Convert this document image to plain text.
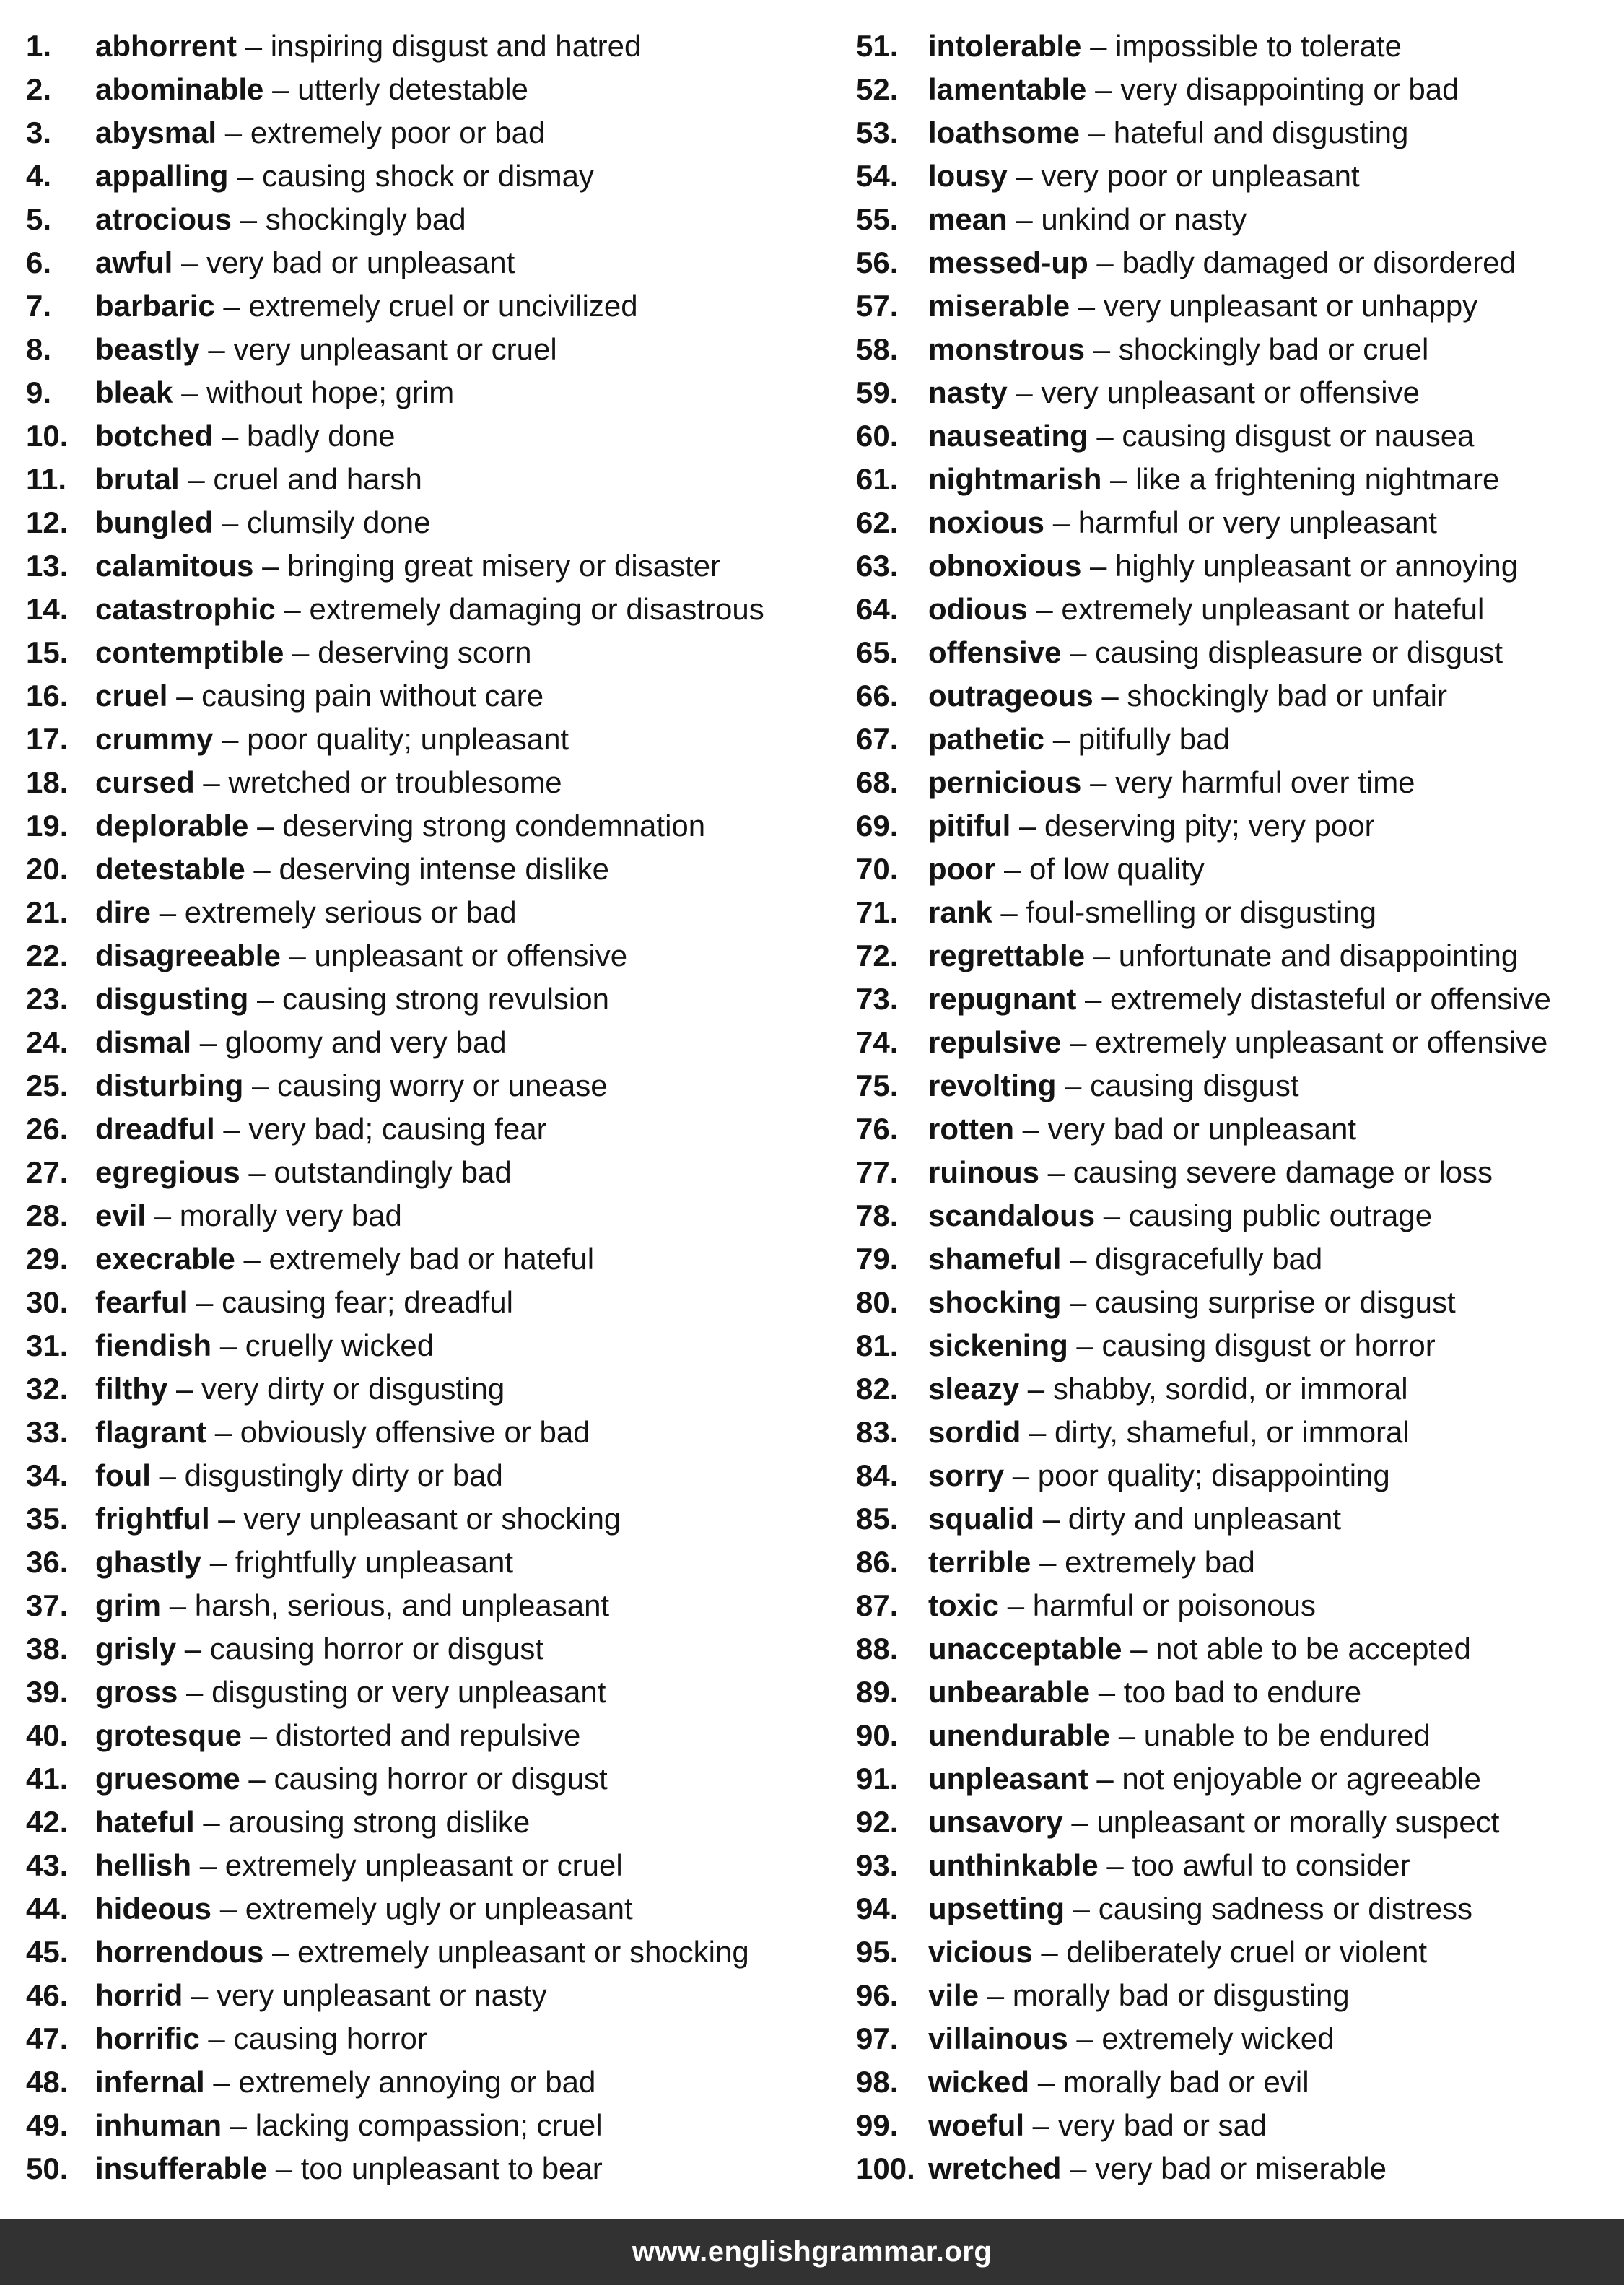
1. abhorrent – inspiring disgust and hatred
2. abominable – utterly detestable
3. abysmal – extremely poor or bad
4. appalling – causing shock or dismay
5. atrocious – shockingly bad
6. awful – very bad or unpleasant
7. barbaric – extremely cruel or uncivilized
8. beastly – very unpleasant or cruel
9. bleak – without hope; grim
10. botched – badly done
11. brutal – cruel and harsh
12. bungled – clumsily done
13. calamitous – bringing great misery or disaster
14. catastrophic – extremely damaging or disastrous
15. contemptible – deserving scorn
16. cruel – causing pain without care
17. crummy – poor quality; unpleasant
18. cursed – wretched or troublesome
19. deplorable – deserving strong condemnation
20. detestable – deserving intense dislike
21. dire – extremely serious or bad
22. disagreeable – unpleasant or offensive
23. disgusting – causing strong revulsion
24. dismal – gloomy and very bad
25. disturbing – causing worry or unease
26. dreadful – very bad; causing fear
27. egregious – outstandingly bad
28. evil – morally very bad
29. execrable – extremely bad or hateful
30. fearful – causing fear; dreadful
31. fiendish – cruelly wicked
32. filthy – very dirty or disgusting
33. flagrant – obviously offensive or bad
34. foul – disgustingly dirty or bad
35. frightful – very unpleasant or shocking
36. ghastly – frightfully unpleasant
37. grim – harsh, serious, and unpleasant
38. grisly – causing horror or disgust
39. gross – disgusting or very unpleasant
40. grotesque – distorted and repulsive
41. gruesome – causing horror or disgust
42. hateful – arousing strong dislike
43. hellish – extremely unpleasant or cruel
44. hideous – extremely ugly or unpleasant
45. horrendous – extremely unpleasant or shocking
46. horrid – very unpleasant or nasty
47. horrific – causing horror
48. infernal – extremely annoying or bad
49. inhuman – lacking compassion; cruel
50. insufferable – too unpleasant to bear
51. intolerable – impossible to tolerate
52. lamentable – very disappointing or bad
53. loathsome – hateful and disgusting
54. lousy – very poor or unpleasant
55. mean – unkind or nasty
56. messed-up – badly damaged or disordered
57. miserable – very unpleasant or unhappy
58. monstrous – shockingly bad or cruel
59. nasty – very unpleasant or offensive
60. nauseating – causing disgust or nausea
61. nightmarish – like a frightening nightmare
62. noxious – harmful or very unpleasant
63. obnoxious – highly unpleasant or annoying
64. odious – extremely unpleasant or hateful
65. offensive – causing displeasure or disgust
66. outrageous – shockingly bad or unfair
67. pathetic – pitifully bad
68. pernicious – very harmful over time
69. pitiful – deserving pity; very poor
70. poor – of low quality
71. rank – foul-smelling or disgusting
72. regrettable – unfortunate and disappointing
73. repugnant – extremely distasteful or offensive
74. repulsive – extremely unpleasant or offensive
75. revolting – causing disgust
76. rotten – very bad or unpleasant
77. ruinous – causing severe damage or loss
78. scandalous – causing public outrage
79. shameful – disgracefully bad
80. shocking – causing surprise or disgust
81. sickening – causing disgust or horror
82. sleazy – shabby, sordid, or immoral
83. sordid – dirty, shameful, or immoral
84. sorry – poor quality; disappointing
85. squalid – dirty and unpleasant
86. terrible – extremely bad
87. toxic – harmful or poisonous
88. unacceptable – not able to be accepted
89. unbearable – too bad to endure
90. unendurable – unable to be endured
91. unpleasant – not enjoyable or agreeable
92. unsavory – unpleasant or morally suspect
93. unthinkable – too awful to consider
94. upsetting – causing sadness or distress
95. vicious – deliberately cruel or violent
96. vile – morally bad or disgusting
97. villainous – extremely wicked
98. wicked – morally bad or evil
99. woeful – very bad or sad
100. wretched – very bad or miserable
www.englishgrammar.org
